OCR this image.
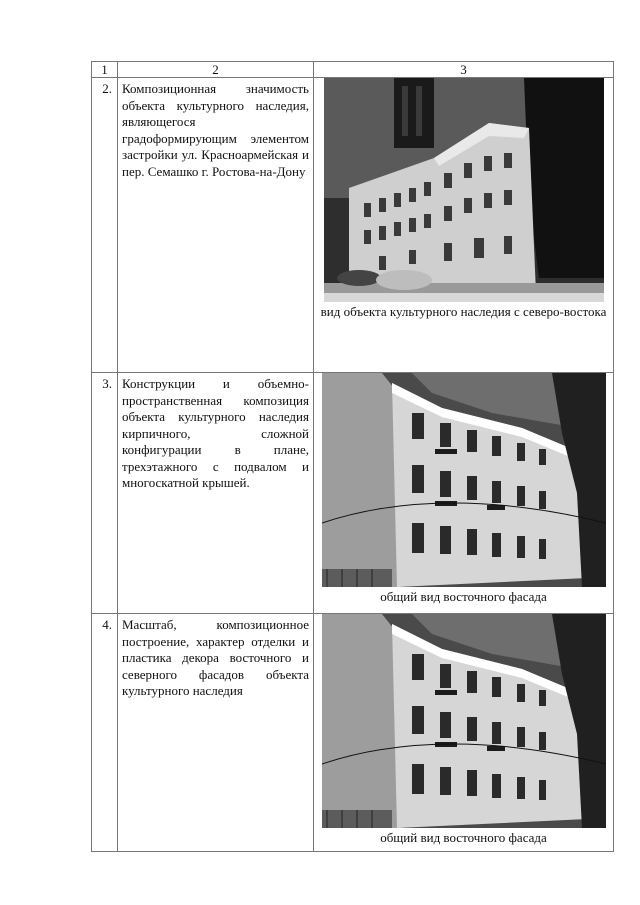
1	2	3
2.	Композиционная значимость объекта культурного наследия, являющегося градоформирующим элементом застройки ул. Красноармейская и пер. Семашко г. Ростова-на-Дону	вид объекта культурного наследия с северо-востока

3.	Конструкции и объемно-пространственная композиция объекта культурного наследия кирпичного, сложной конфигурации в плане, трехэтажного с подвалом и многоскатной крышей.	общий вид восточного фасада

4.	Масштаб, композиционное построение, характер отделки и пластика декора восточного и северного фасадов объекта культурного наследия	общий вид восточного фасада
